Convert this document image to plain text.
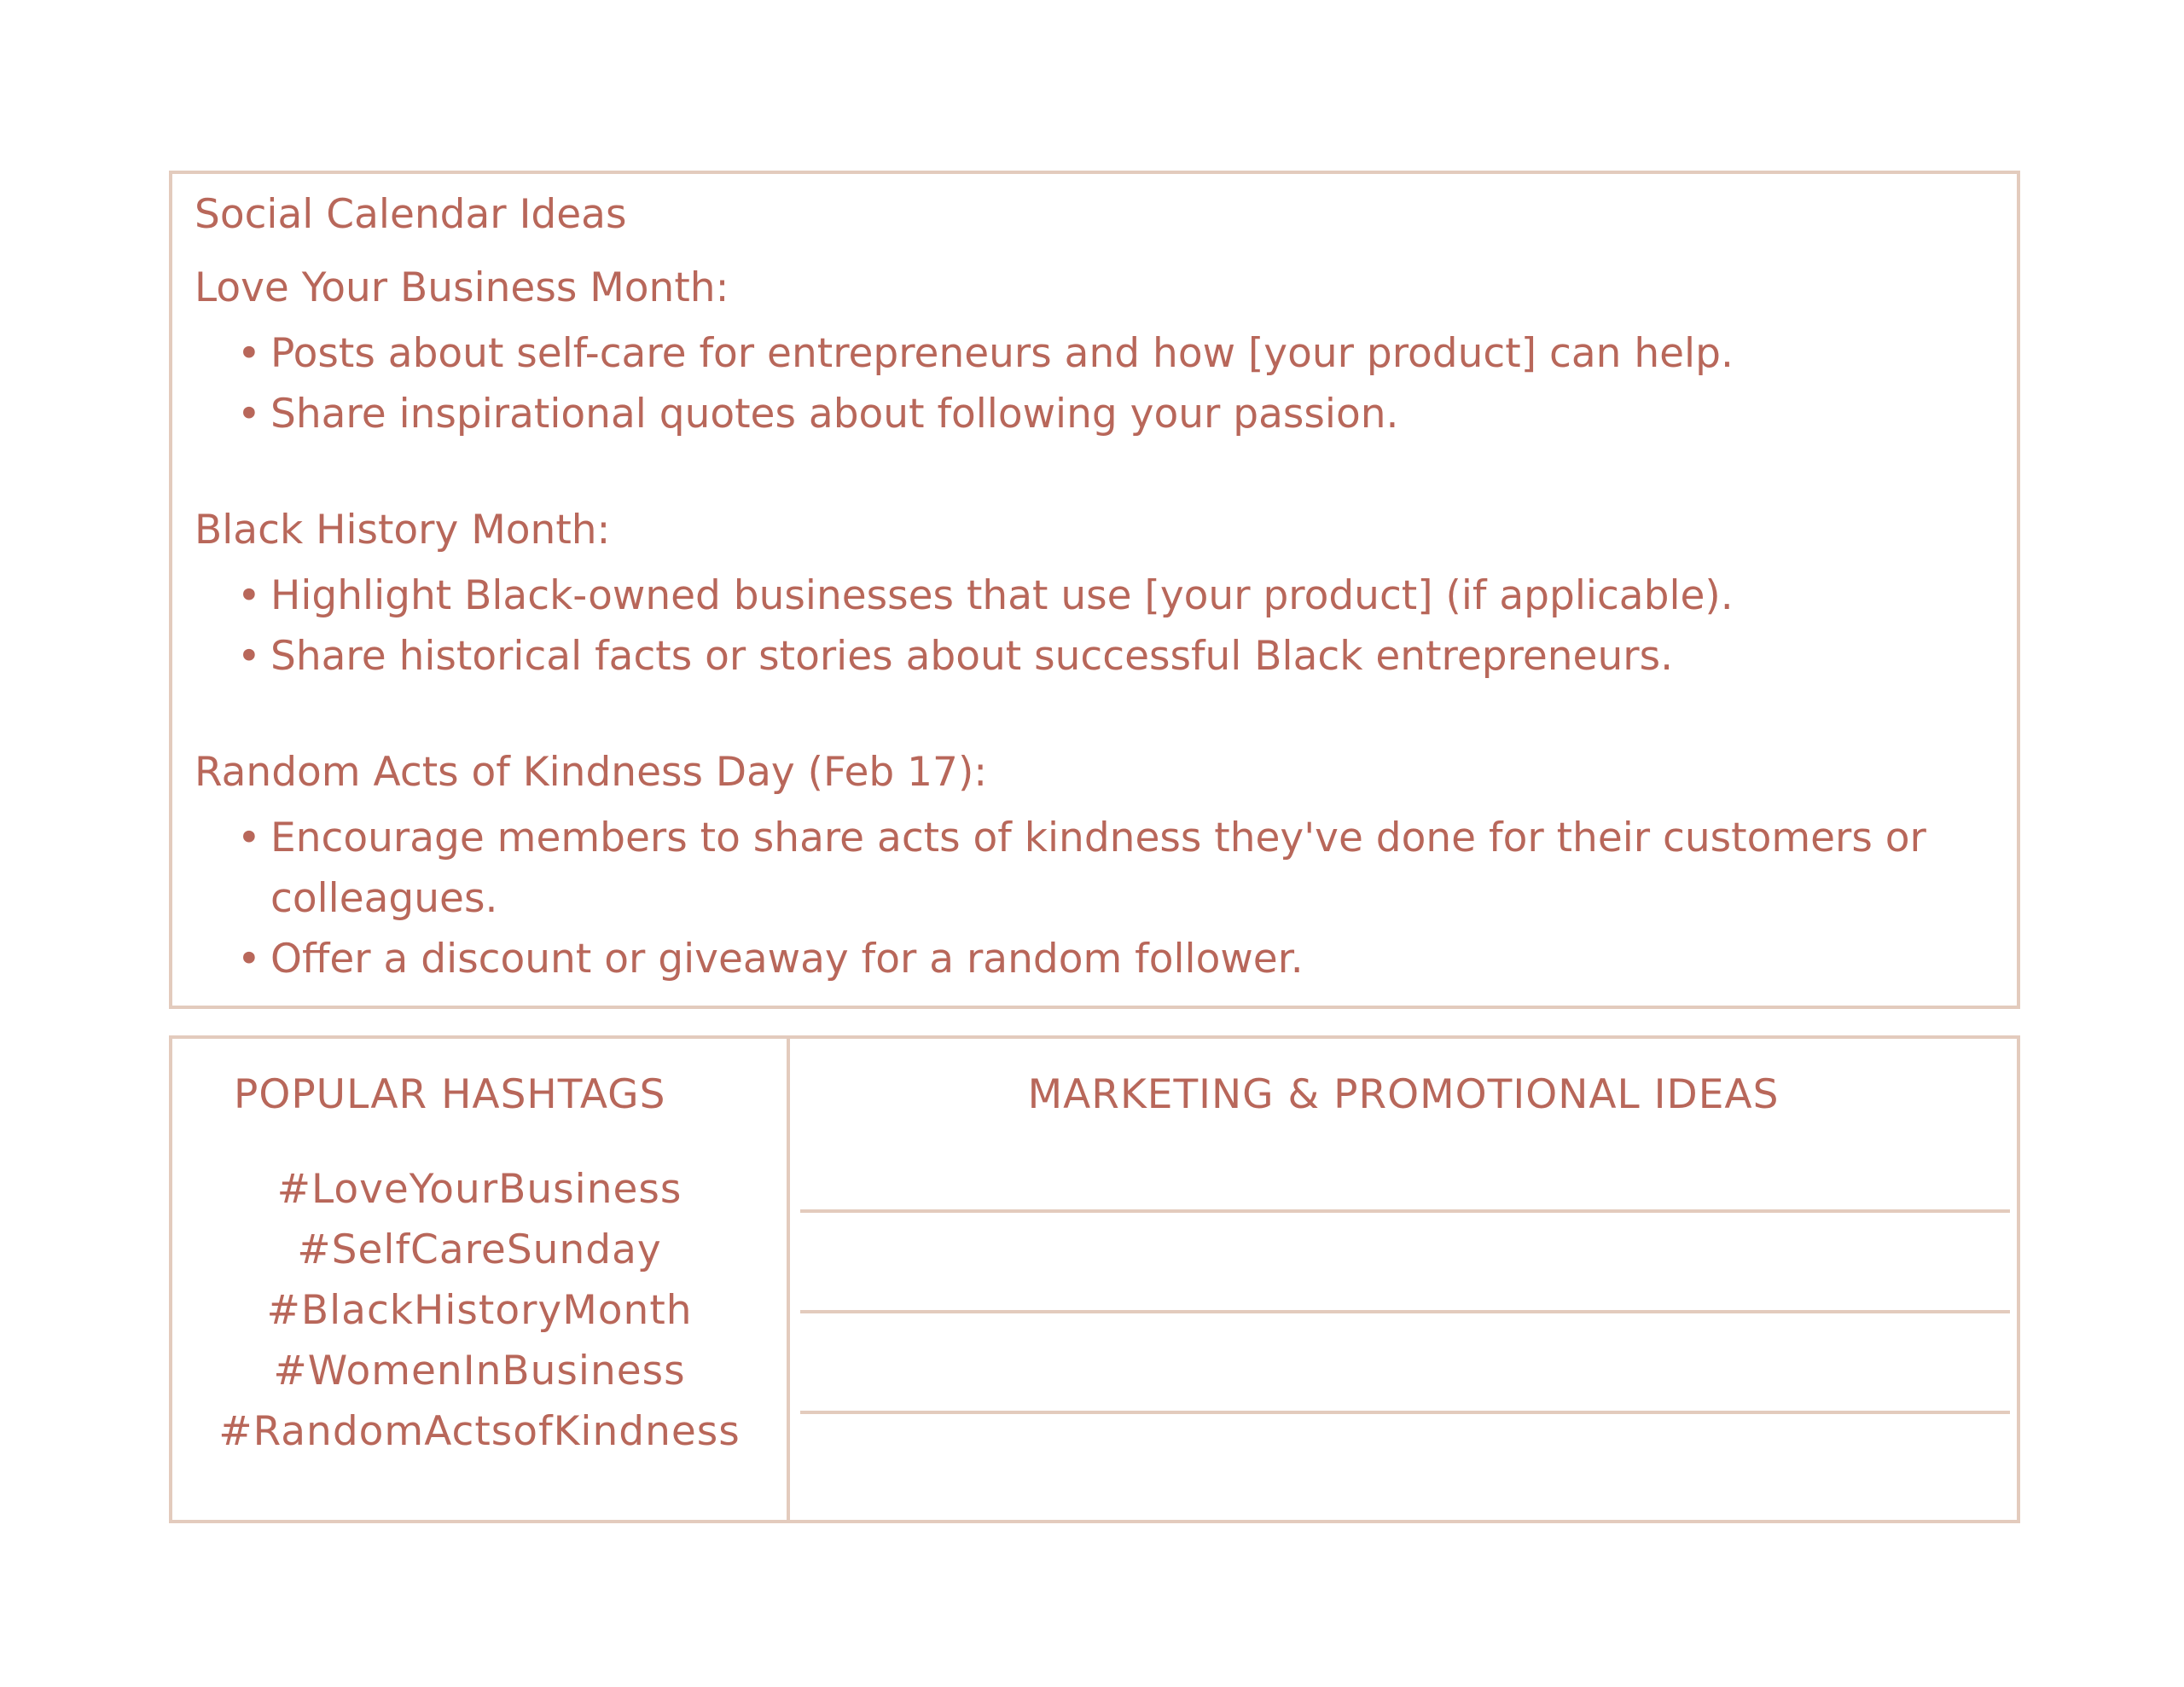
Social Calendar Ideas
Love Your Business Month:
• Posts about self-care for entrepreneurs and how [your product] can help.
• Share inspirational quotes about following your passion.
Black History Month:
• Highlight Black-owned businesses that use [your product] (if applicable).
• Share historical facts or stories about successful Black entrepreneurs.
Random Acts of Kindness Day (Feb 17):
• Encourage members to share acts of kindness they've done for their customers or colleagues.
• Offer a discount or giveaway for a random follower.
POPULAR HASHTAGS
#LoveYourBusiness
#SelfCareSunday
#BlackHistoryMonth
#WomenInBusiness
#RandomActsofKindness
MARKETING & PROMOTIONAL IDEAS
